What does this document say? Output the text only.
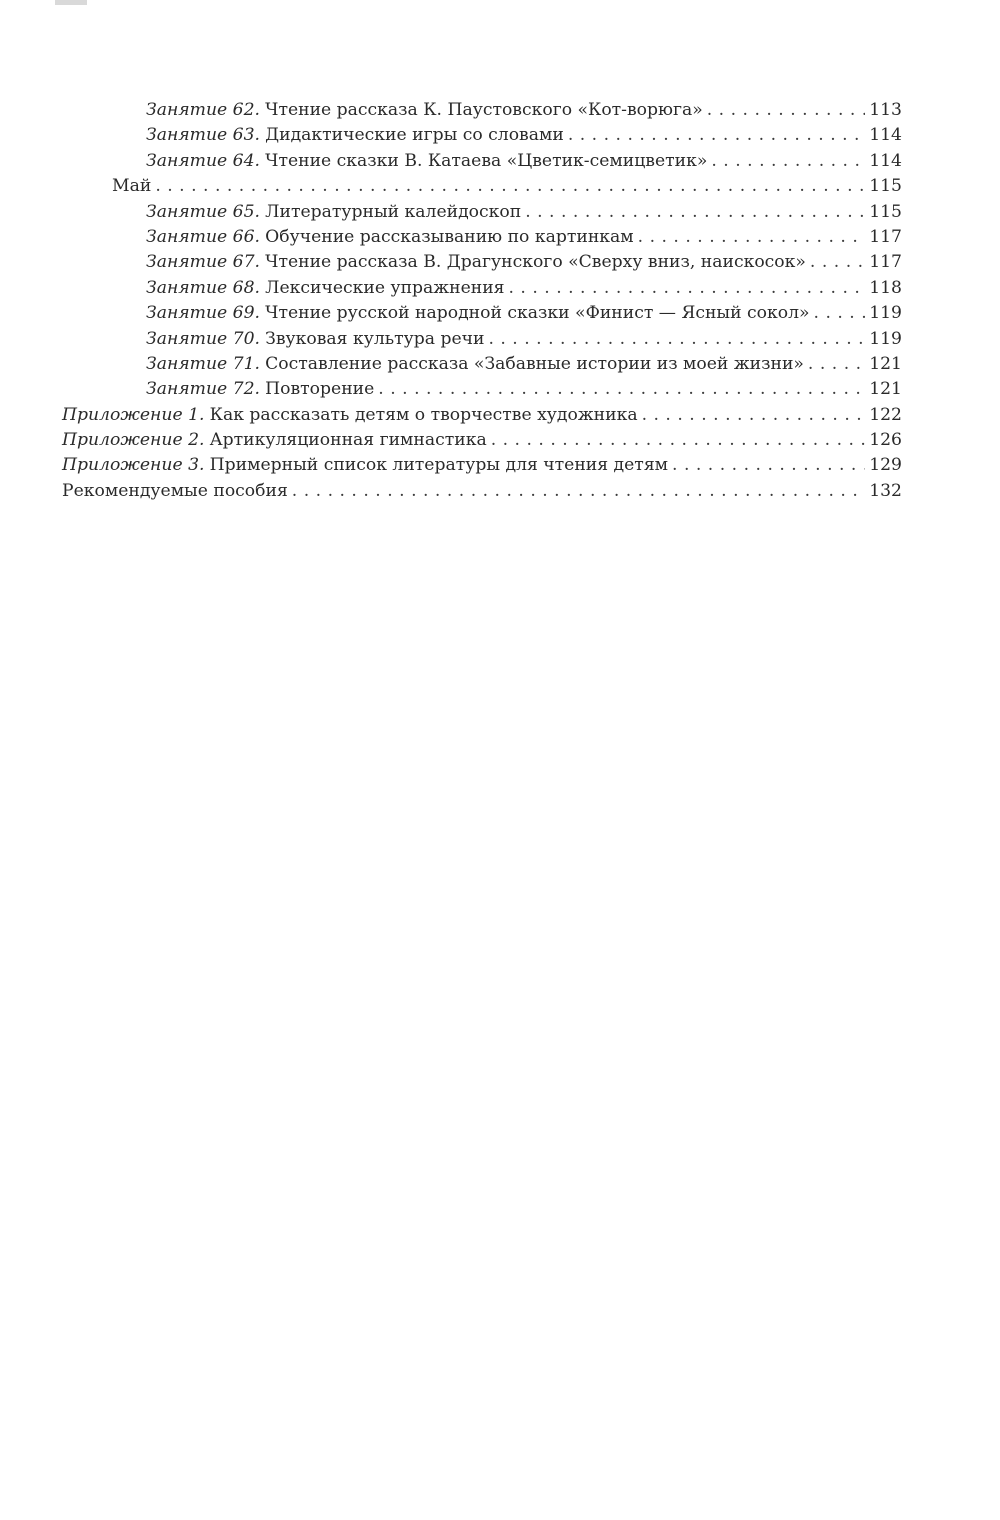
Занятие 62. Чтение рассказа К. Паустовского «Кот-ворюга» . . .	113
Занятие 63. Дидактические игры со словами . . .	114
Занятие 64. Чтение сказки В. Катаева «Цветик-семицветик» . . .	114
Май . . .	115
Занятие 65. Литературный калейдоскоп . . .	115
Занятие 66. Обучение рассказыванию по картинкам . . .	117
Занятие 67. Чтение рассказа В. Драгунского «Сверху вниз, наискосок» . . .	117
Занятие 68. Лексические упражнения . . .	118
Занятие 69. Чтение русской народной сказки «Финист — Ясный сокол» . . .	119
Занятие 70. Звуковая культура речи . . .	119
Занятие 71. Составление рассказа «Забавные истории из моей жизни» . . .	121
Занятие 72. Повторение . . .	121
Приложение 1. Как рассказать детям о творчестве художника . . .	122
Приложение 2. Артикуляционная гимнастика . . .	126
Приложение 3. Примерный список литературы для чтения детям . . .	129
Рекомендуемые пособия . . .	132
